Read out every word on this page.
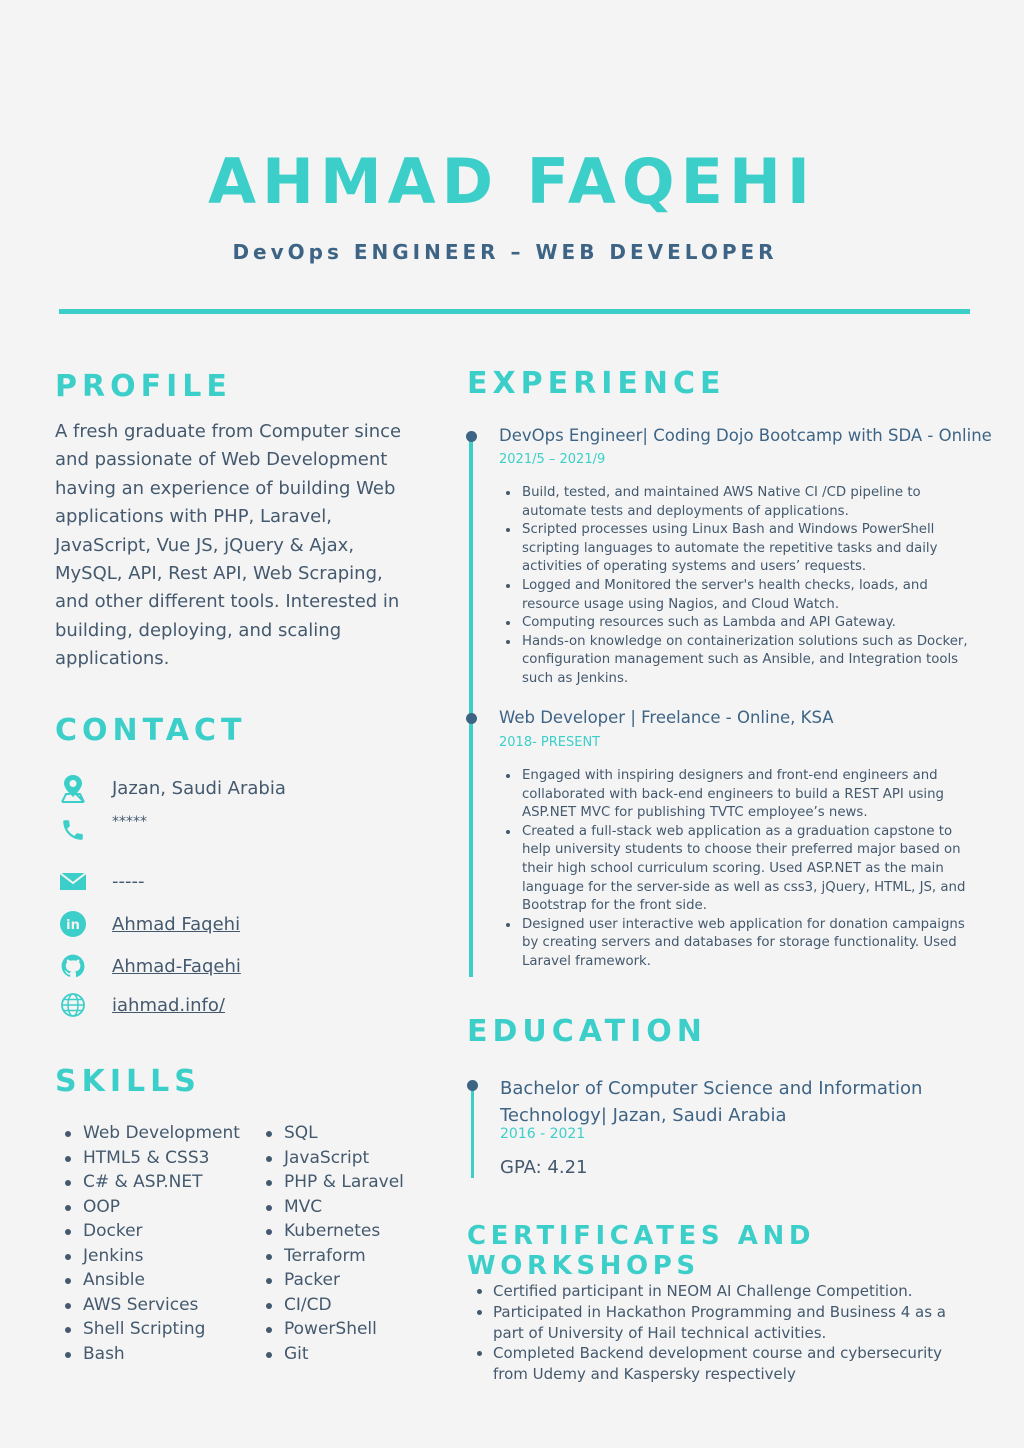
AHMAD FAQEHI
DevOps ENGINEER – WEB DEVELOPER
PROFILE
A fresh graduate from Computer since and passionate of Web Development having an experience of building Web applications with PHP, Laravel, JavaScript, Vue JS, jQuery & Ajax, MySQL, API, Rest API, Web Scraping, and other different tools. Interested in building, deploying, and scaling applications.
CONTACT
Jazan, Saudi Arabia
*****
-----
in Ahmad Faqehi
Ahmad-Faqehi
iahmad.info/
SKILLS
Web Development
HTML5 & CSS3
C# & ASP.NET
OOP
Docker
Jenkins
Ansible
AWS Services
Shell Scripting
Bash
SQL
JavaScript
PHP & Laravel
MVC
Kubernetes
Terraform
Packer
CI/CD
PowerShell
Git
EXPERIENCE
DevOps Engineer| Coding Dojo Bootcamp with SDA - Online
2021/5 – 2021/9
Build, tested, and maintained AWS Native CI /CD pipeline to automate tests and deployments of applications.
Scripted processes using Linux Bash and Windows PowerShell scripting languages to automate the repetitive tasks and daily activities of operating systems and users’ requests.
Logged and Monitored the server's health checks, loads, and resource usage using Nagios, and Cloud Watch.
Computing resources such as Lambda and API Gateway.
Hands-on knowledge on containerization solutions such as Docker, configuration management such as Ansible, and Integration tools such as Jenkins.
Web Developer | Freelance - Online, KSA
2018- PRESENT
Engaged with inspiring designers and front-end engineers and collaborated with back-end engineers to build a REST API using ASP.NET MVC for publishing TVTC employee’s news.
Created a full-stack web application as a graduation capstone to help university students to choose their preferred major based on their high school curriculum scoring. Used ASP.NET as the main language for the server-side as well as css3, jQuery, HTML, JS, and Bootstrap for the front side.
Designed user interactive web application for donation campaigns by creating servers and databases for storage functionality. Used Laravel framework.
EDUCATION
Bachelor of Computer Science and Information Technology| Jazan, Saudi Arabia
2016 - 2021
GPA: 4.21
CERTIFICATES AND WORKSHOPS
Certified participant in NEOM AI Challenge Competition.
Participated in Hackathon Programming and Business 4 as a part of University of Hail technical activities.
Completed Backend development course and cybersecurity from Udemy and Kaspersky respectively
